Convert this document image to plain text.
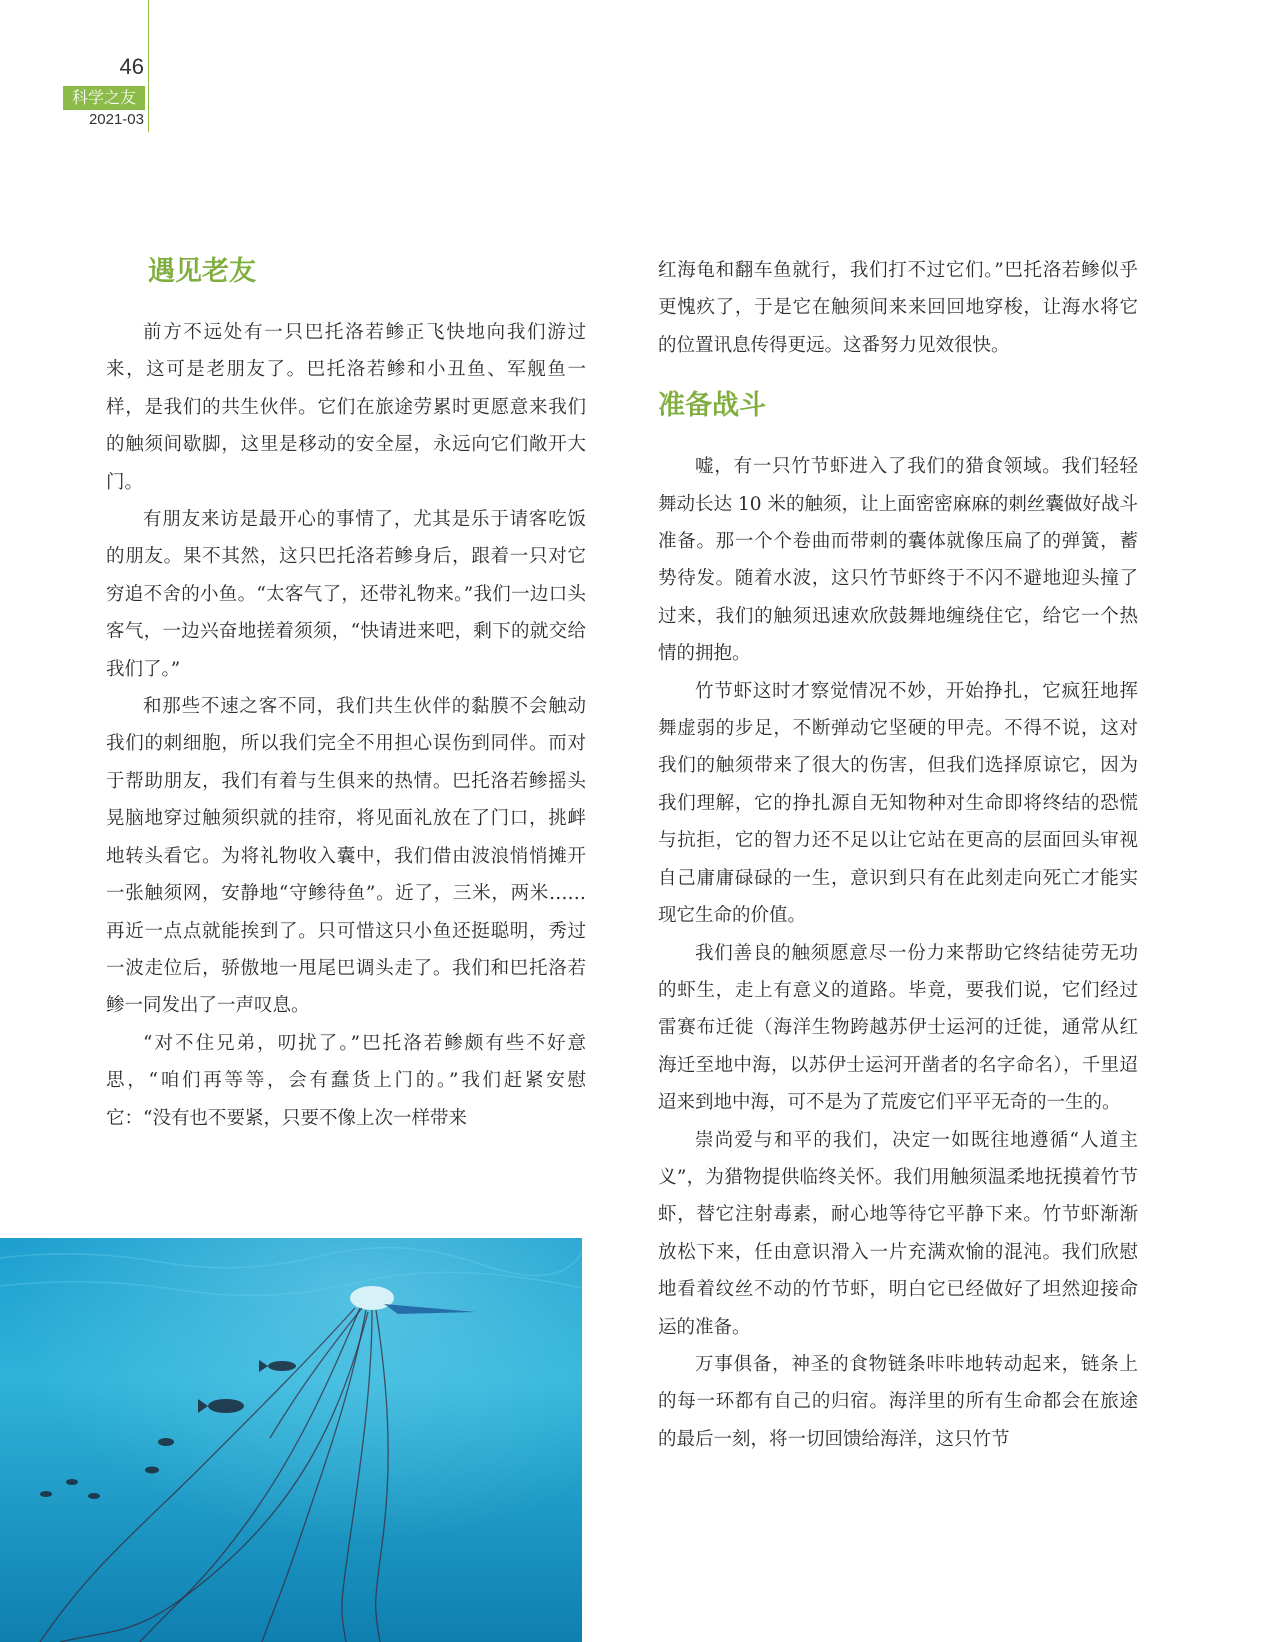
46
科学之友
2021-03
遇见老友

前方不远处有一只巴托洛若鲹正飞快地向我们游过来，这可是老朋友了。巴托洛若鲹和小丑鱼、军舰鱼一样，是我们的共生伙伴。它们在旅途劳累时更愿意来我们的触须间歇脚，这里是移动的安全屋，永远向它们敞开大门。

有朋友来访是最开心的事情了，尤其是乐于请客吃饭的朋友。果不其然，这只巴托洛若鲹身后，跟着一只对它穷追不舍的小鱼。“太客气了，还带礼物来。”我们一边口头客气，一边兴奋地搓着须须，“快请进来吧，剩下的就交给我们了。”

和那些不速之客不同，我们共生伙伴的黏膜不会触动我们的刺细胞，所以我们完全不用担心误伤到同伴。而对于帮助朋友，我们有着与生俱来的热情。巴托洛若鲹摇头晃脑地穿过触须织就的挂帘，将见面礼放在了门口，挑衅地转头看它。为将礼物收入囊中，我们借由波浪悄悄摊开一张触须网，安静地“守鲹待鱼”。近了，三米，两米……再近一点点就能挨到了。只可惜这只小鱼还挺聪明，秀过一波走位后，骄傲地一甩尾巴调头走了。我们和巴托洛若鲹一同发出了一声叹息。

“对不住兄弟，叨扰了。”巴托洛若鲹颇有些不好意思，“咱们再等等，会有蠢货上门的。”我们赶紧安慰它：“没有也不要紧，只要不像上次一样带来

红海龟和翻车鱼就行，我们打不过它们。”巴托洛若鲹似乎更愧疚了，于是它在触须间来来回回地穿梭，让海水将它的位置讯息传得更远。这番努力见效很快。

准备战斗

嘘，有一只竹节虾进入了我们的猎食领域。我们轻轻舞动长达 10 米的触须，让上面密密麻麻的刺丝囊做好战斗准备。那一个个卷曲而带刺的囊体就像压扁了的弹簧，蓄势待发。随着水波，这只竹节虾终于不闪不避地迎头撞了过来，我们的触须迅速欢欣鼓舞地缠绕住它，给它一个热情的拥抱。

竹节虾这时才察觉情况不妙，开始挣扎，它疯狂地挥舞虚弱的步足，不断弹动它坚硬的甲壳。不得不说，这对我们的触须带来了很大的伤害，但我们选择原谅它，因为我们理解，它的挣扎源自无知物种对生命即将终结的恐慌与抗拒，它的智力还不足以让它站在更高的层面回头审视自己庸庸碌碌的一生，意识到只有在此刻走向死亡才能实现它生命的价值。

我们善良的触须愿意尽一份力来帮助它终结徒劳无功的虾生，走上有意义的道路。毕竟，要我们说，它们经过雷赛布迁徙（海洋生物跨越苏伊士运河的迁徙，通常从红海迁至地中海，以苏伊士运河开凿者的名字命名），千里迢迢来到地中海，可不是为了荒废它们平平无奇的一生的。

崇尚爱与和平的我们，决定一如既往地遵循“人道主义”，为猎物提供临终关怀。我们用触须温柔地抚摸着竹节虾，替它注射毒素，耐心地等待它平静下来。竹节虾渐渐放松下来，任由意识滑入一片充满欢愉的混沌。我们欣慰地看着纹丝不动的竹节虾，明白它已经做好了坦然迎接命运的准备。

万事俱备，神圣的食物链条咔咔地转动起来，链条上的每一环都有自己的归宿。海洋里的所有生命都会在旅途的最后一刻，将一切回馈给海洋，这只竹节
